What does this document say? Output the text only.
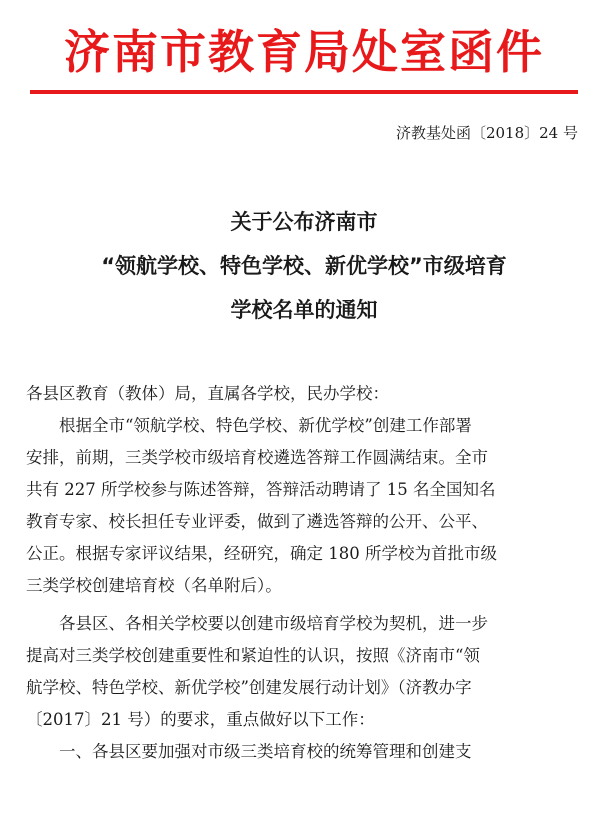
济南市教育局处室函件
济教基处函〔2018〕24 号
关于公布济南市
“领航学校、特色学校、新优学校”市级培育
学校名单的通知
各县区教育（教体）局，直属各学校，民办学校：
　　根据全市“领航学校、特色学校、新优学校”创建工作部署
安排，前期，三类学校市级培育校遴选答辩工作圆满结束。全市
共有 227 所学校参与陈述答辩，答辩活动聘请了 15 名全国知名
教育专家、校长担任专业评委，做到了遴选答辩的公开、公平、
公正。根据专家评议结果，经研究，确定 180 所学校为首批市级
三类学校创建培育校（名单附后）。
　　各县区、各相关学校要以创建市级培育学校为契机，进一步
提高对三类学校创建重要性和紧迫性的认识，按照《济南市“领
航学校、特色学校、新优学校”创建发展行动计划》（济教办字
〔2017〕21 号）的要求，重点做好以下工作：
　　一、各县区要加强对市级三类培育校的统筹管理和创建支
